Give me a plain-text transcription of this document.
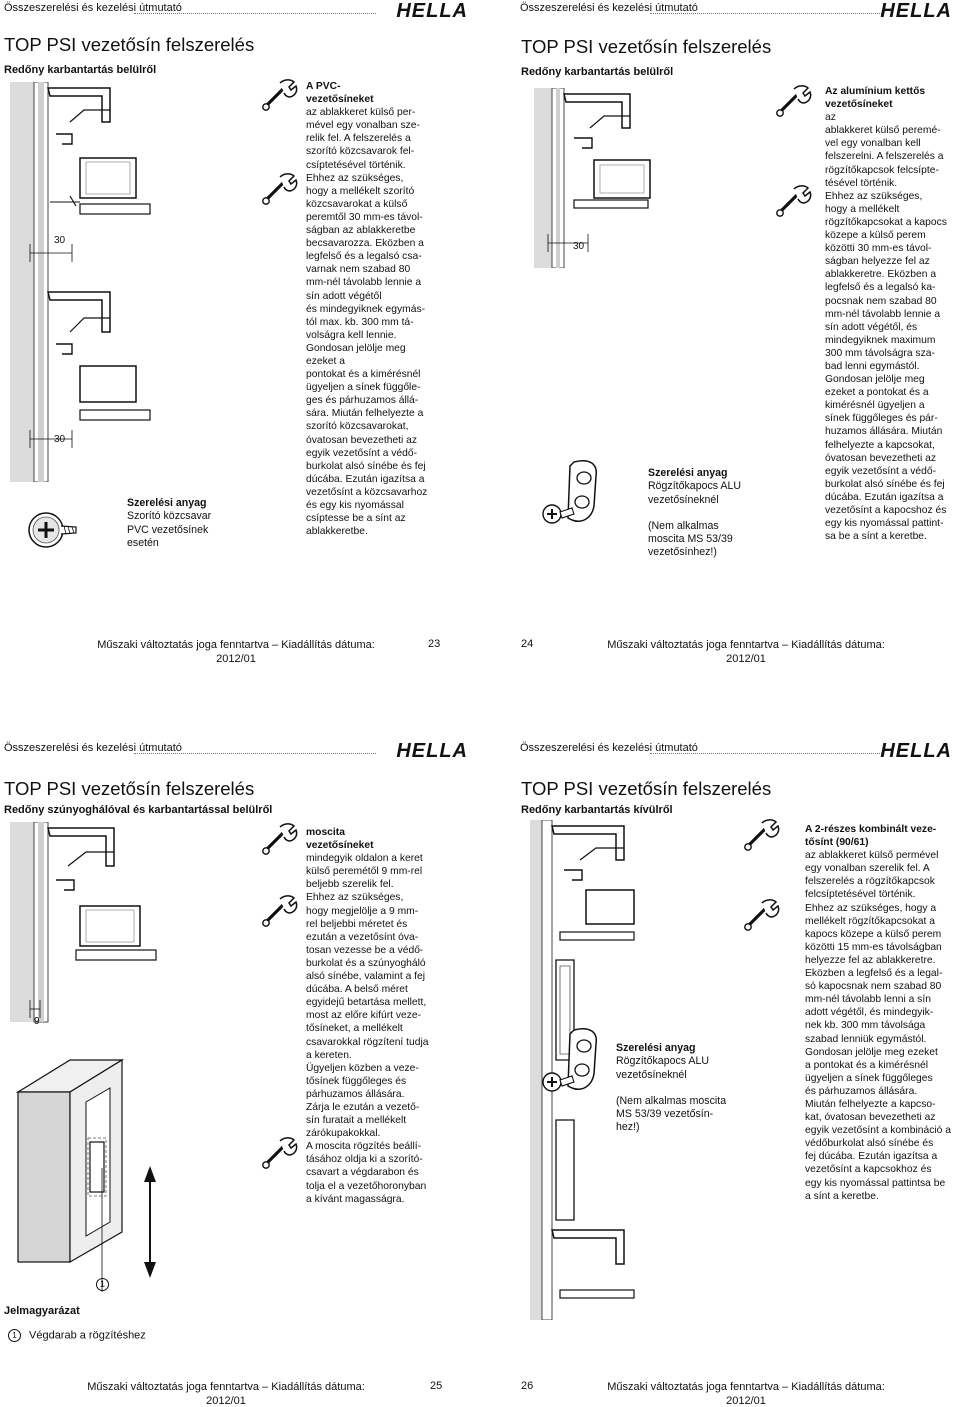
Összeszerelési és kezelési útmutató	HELLA
TOP PSI vezetősín felszerelés
Redőny karbantartás belülről
30
30

Szerelési anyag

Szorító közcsavar

PVC vezetősínek

esetén

A PVC-

vezetősíneket

az ablakkeret külső per-

mével egy vonalban sze-

relik fel. A felszerelés a

szorító közcsavarok fel-

csíptetésével történik.

Ehhez az szükséges,

hogy a mellékelt szorító

közcsavarokat a külső

peremtől 30 mm-es távol-

ságban az ablakkeretbe

becsavarozza. Eközben a

legfelső és a legalsó csa-

varnak nem szabad 80

mm-nél távolabb lennie a

sín adott végétől

és mindegyiknek egymás-

tól max. kb. 300 mm tá-

volságra kell lennie.

Gondosan jelölje meg

ezeket a

pontokat és a kimérésnél

ügyeljen a sínek függőle-

ges és párhuzamos állá-

sára. Miután felhelyezte a

szorító közcsavarokat,

óvatosan bevezetheti az

egyik vezetősínt a védő-

burkolat alsó sínébe és fej

dúcába. Ezután igazítsa a

vezetősínt a közcsavarhoz

és egy kis nyomással

csíptesse be a sínt az

ablakkeretbe.

Műszaki változtatás joga fenntartva – Kiadállítás dátuma:
2012/01
23
Összeszerelési és kezelési útmutató	HELLA
TOP PSI vezetősín felszerelés
Redőny karbantartás belülről
30

Szerelési anyag

Rögzítőkapocs ALU

vezetősíneknél

(Nem alkalmas

moscita MS 53/39

vezetősínhez!)

Az alumínium kettős

vezetősíneket

az

ablakkeret külső peremé-

vel egy vonalban kell

felszerelni. A felszerelés a

rögzítőkapcsok felcsípte-

tésével történik.

Ehhez az szükséges,

hogy a mellékelt

rögzítőkapcsokat a kapocs

közepe a külső perem

közötti 30 mm-es távol-

ságban helyezze fel az

ablakkeretre. Eközben a

legfelső és a legalsó ka-

pocsnak nem szabad 80

mm-nél távolabb lennie a

sín adott végétől, és

mindegyiknek maximum

300 mm távolságra sza-

bad lenni egymástól.

Gondosan jelölje meg

ezeket a pontokat és a

kimérésnél ügyeljen a

sínek függőleges és pár-

huzamos állására. Miután

felhelyezte a kapcsokat,

óvatosan bevezetheti az

egyik vezetősínt a védő-

burkolat alsó sínébe és fej

dúcába. Ezután igazítsa a

vezetősínt a kapocshoz és

egy kis nyomással pattint-

sa be a sínt a keretbe.

24	Műszaki változtatás joga fenntartva – Kiadállítás dátuma:
2012/01
Összeszerelési és kezelési útmutató	HELLA
TOP PSI vezetősín felszerelés
Redőny szúnyoghálóval és karbantartással belülről
9
1

moscita

vezetősíneket

mindegyik oldalon a keret

külső peremétől 9 mm-rel

beljebb szerelik fel.

Ehhez az szükséges,

hogy megjelölje a 9 mm-

rel beljebbi méretet és

ezután a vezetősínt óva-

tosan vezesse be a védő-

burkolat és a szúnyogháló

alsó sínébe, valamint a fej

dúcába. A belső méret

egyidejű betartása mellett,

most az előre kifúrt veze-

tősíneket, a mellékelt

csavarokkal rögzítení tudja

a kereten.

Ügyeljen közben a veze-

tősínek függőleges és

párhuzamos állására.

Zárja le ezután a vezető-

sín furatait a mellékelt

zárókupakokkal.

A moscita rögzítés beállí-

tásához oldja ki a szorító-

csavart a végdarabon és

tolja el a vezetőhoronyban

a kívánt magasságra.

Jelmagyarázat
1 Végdarab a rögzítéshez
Műszaki változtatás joga fenntartva – Kiadállítás dátuma:
2012/01
25
Összeszerelési és kezelési útmutató	HELLA
TOP PSI vezetősín felszerelés
Redőny karbantartás kívülről

Szerelési anyag

Rögzítőkapocs ALU

vezetősíneknél

(Nem alkalmas moscita

MS 53/39 vezetősín-

hez!)

A 2-részes kombinált veze-

tősínt (90/61)

az ablakkeret külső permével

egy vonalban szerelik fel. A

felszerelés a rögzítőkapcsok

felcsíptetésével történik.

Ehhez az szükséges, hogy a

mellékelt rögzítőkapcsokat a

kapocs közepe a külső perem

közötti 15 mm-es távolságban

helyezze fel az ablakkeretre.

Eközben a legfelső és a legal-

só kapocsnak nem szabad 80

mm-nél távolabb lenni a sín

adott végétől, és mindegyik-

nek kb. 300 mm távolsága

szabad lenniük egymástól.

Gondosan jelölje meg ezeket

a pontokat és a kimérésnél

ügyeljen a sínek függőleges

és párhuzamos állására.

Miután felhelyezte a kapcso-

kat, óvatosan bevezetheti az

egyik vezetősínt a kombináció a

védőburkolat alsó sínébe és

fej dúcába. Ezután igazítsa a

vezetősínt a kapcsokhoz és

egy kis nyomással pattintsa be

a sínt a keretbe.

26	Műszaki változtatás joga fenntartva – Kiadállítás dátuma:
2012/01
